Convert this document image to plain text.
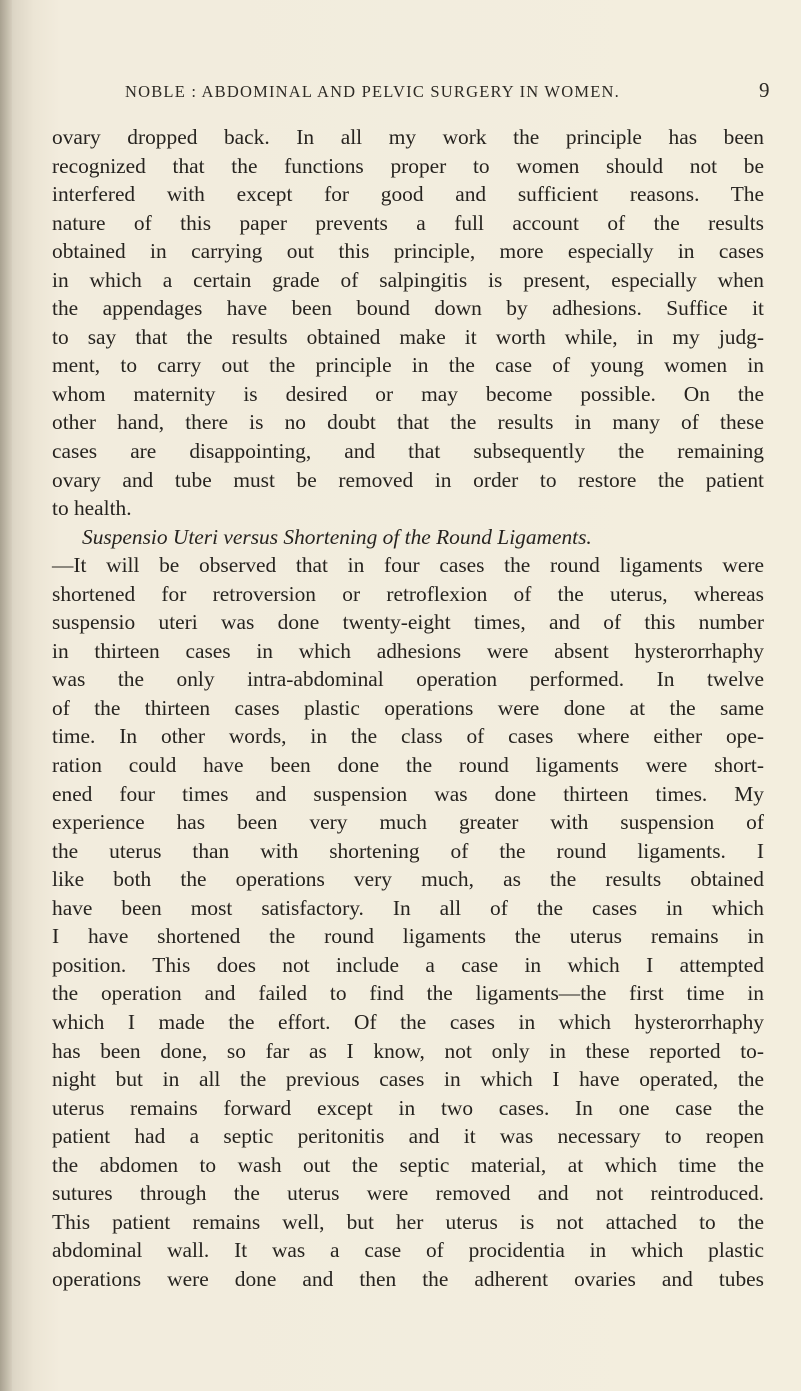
NOBLE : ABDOMINAL AND PELVIC SURGERY IN WOMEN.	9
ovary dropped back. In all my work the principle has been
recognized that the functions proper to women should not be
interfered with except for good and sufficient reasons. The
nature of this paper prevents a full account of the results
obtained in carrying out this principle, more especially in cases
in which a certain grade of salpingitis is present, especially when
the appendages have been bound down by adhesions. Suffice it
to say that the results obtained make it worth while, in my judg-
ment, to carry out the principle in the case of young women in
whom maternity is desired or may become possible. On the
other hand, there is no doubt that the results in many of these
cases are disappointing, and that subsequently the remaining
ovary and tube must be removed in order to restore the patient
to health.
Suspensio Uteri versus Shortening of the Round Ligaments.
—It will be observed that in four cases the round ligaments were
shortened for retroversion or retroflexion of the uterus, whereas
suspensio uteri was done twenty-eight times, and of this number
in thirteen cases in which adhesions were absent hysterorrhaphy
was the only intra-abdominal operation performed. In twelve
of the thirteen cases plastic operations were done at the same
time. In other words, in the class of cases where either ope-
ration could have been done the round ligaments were short-
ened four times and suspension was done thirteen times. My
experience has been very much greater with suspension of
the uterus than with shortening of the round ligaments. I
like both the operations very much, as the results obtained
have been most satisfactory. In all of the cases in which
I have shortened the round ligaments the uterus remains in
position. This does not include a case in which I attempted
the operation and failed to find the ligaments—the first time in
which I made the effort. Of the cases in which hysterorrhaphy
has been done, so far as I know, not only in these reported to-
night but in all the previous cases in which I have operated, the
uterus remains forward except in two cases. In one case the
patient had a septic peritonitis and it was necessary to reopen
the abdomen to wash out the septic material, at which time the
sutures through the uterus were removed and not reintroduced.
This patient remains well, but her uterus is not attached to the
abdominal wall. It was a case of procidentia in which plastic
operations were done and then the adherent ovaries and tubes
